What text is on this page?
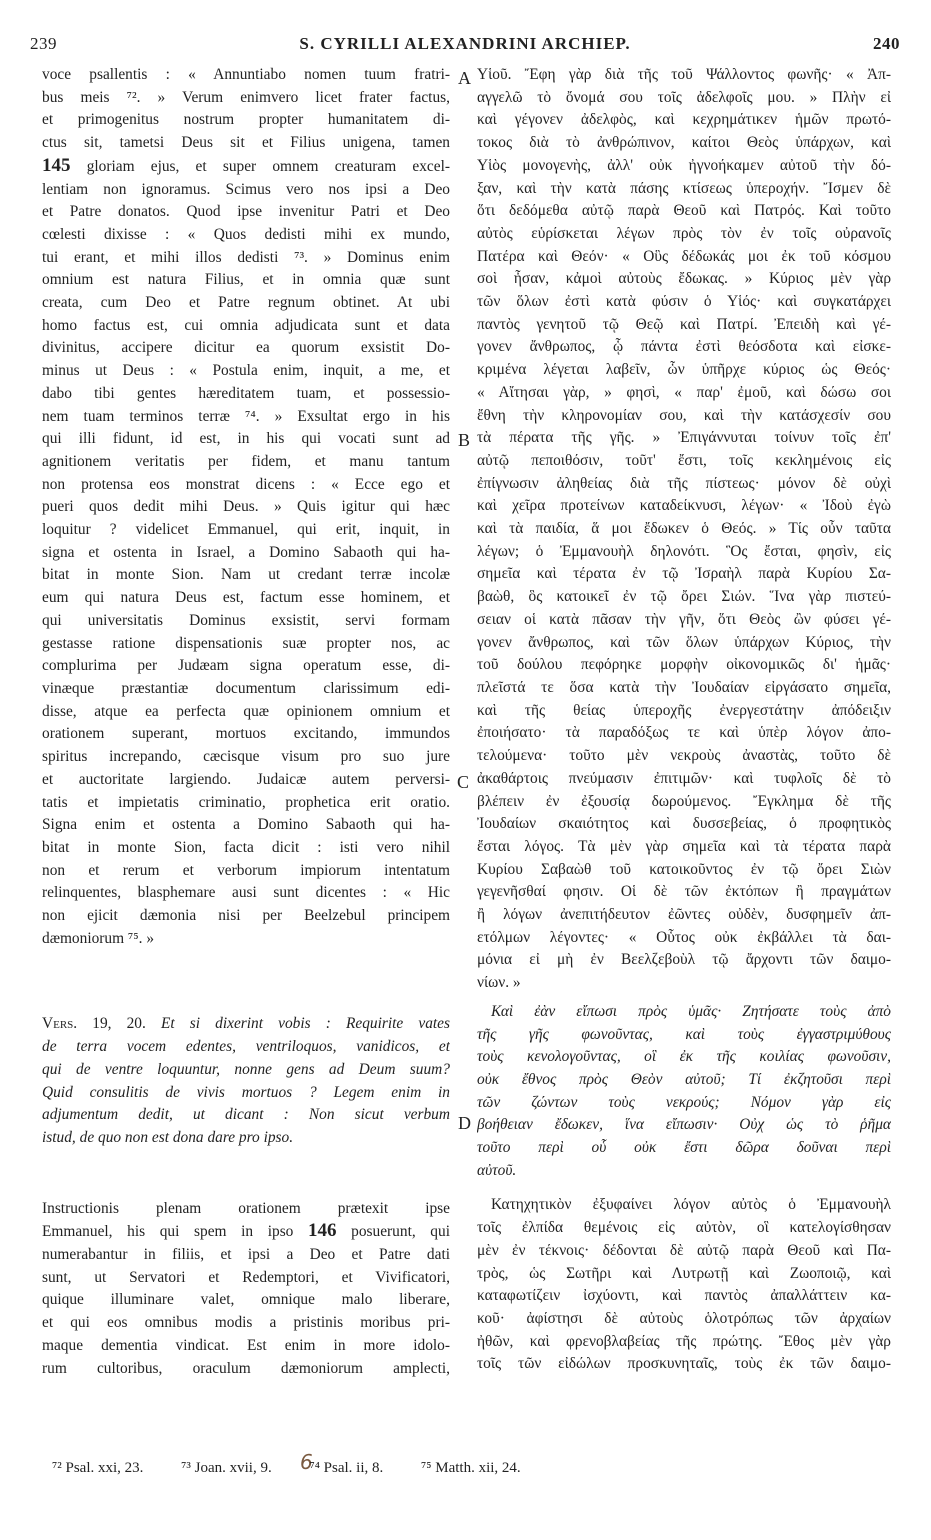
239	S. CYRILLI ALEXANDRINI ARCHIEP.	240
A
B
C
D
voce psallentis : « Annuntiabo nomen tuum fratri-
bus meis ⁷². » Verum enimvero licet frater factus,
et primogenitus nostrum propter humanitatem di-
ctus sit, tametsi Deus sit et Filius unigena, tamen
145 gloriam ejus, et super omnem creaturam excel-
lentiam non ignoramus. Scimus vero nos ipsi a Deo
et Patre donatos. Quod ipse invenitur Patri et Deo
cœlesti dixisse : « Quos dedisti mihi ex mundo,
tui erant, et mihi illos dedisti ⁷³. » Dominus enim
omnium est natura Filius, et in omnia quæ sunt
creata, cum Deo et Patre regnum obtinet. At ubi
homo factus est, cui omnia adjudicata sunt et data
divinitus, accipere dicitur ea quorum exsistit Do-
minus ut Deus : « Postula enim, inquit, a me, et
dabo tibi gentes hæreditatem tuam, et possessio-
nem tuam terminos terræ ⁷⁴. » Exsultat ergo in his
qui illi fidunt, id est, in his qui vocati sunt ad
agnitionem veritatis per fidem, et manu tantum
non protensa eos monstrat dicens : « Ecce ego et
pueri quos dedit mihi Deus. » Quis igitur qui hæc
loquitur ? videlicet Emmanuel, qui erit, inquit, in
signa et ostenta in Israel, a Domino Sabaoth qui ha-
bitat in monte Sion. Nam ut credant terræ incolæ
eum qui natura Deus est, factum esse hominem, et
qui universitatis Dominus exsistit, servi formam
gestasse ratione dispensationis suæ propter nos, ac
complurima per Judæam signa operatum esse, di-
vinæque præstantiæ documentum clarissimum edi-
disse, atque ea perfecta quæ opinionem omnium et
orationem superant, mortuos excitando, immundos
spiritus increpando, cæcisque visum pro suo jure
et auctoritate largiendo. Judaicæ autem perversi-
tatis et impietatis criminatio, prophetica erit oratio.
Signa enim et ostenta a Domino Sabaoth qui ha-
bitat in monte Sion, facta dicit : isti vero nihil
non et rerum et verborum impiorum intentatum
relinquentes, blasphemare ausi sunt dicentes : « Hic
non ejicit dæmonia nisi per Beelzebul principem
dæmoniorum ⁷⁵. »
Vers. 19, 20. Et si dixerint vobis : Requirite vates
de terra vocem edentes, ventriloquos, vanidicos, et
qui de ventre loquuntur, nonne gens ad Deum suum?
Quid consulitis de vivis mortuos ? Legem enim in
adjumentum dedit, ut dicant : Non sicut verbum
istud, de quo non est dona dare pro ipso.
Instructionis plenam orationem prætexit ipse
Emmanuel, his qui spem in ipso 146 posuerunt, qui
numerabantur in filiis, et ipsi a Deo et Patre dati
sunt, ut Servatori et Redemptori, et Vivificatori,
quique illuminare valet, omnique malo liberare,
et qui eos omnibus modis a pristinis moribus pri-
maque dementia vindicat. Est enim in more idolo-
rum cultoribus, oraculum dæmoniorum amplecti,
Υἱοῦ. Ἔφη γὰρ διὰ τῆς τοῦ Ψάλλοντος φωνῆς· « Ἀπ-
αγγελῶ τὸ ὄνομά σου τοῖς ἀδελφοῖς μου. » Πλὴν εἰ
καὶ γέγονεν ἀδελφὸς, καὶ κεχρημάτικεν ἡμῶν πρωτό-
τοκος διὰ τὸ ἀνθρώπινον, καίτοι Θεὸς ὑπάρχων, καὶ
Υἱὸς μονογενὴς, ἀλλ' οὐκ ἠγνοήκαμεν αὐτοῦ τὴν δό-
ξαν, καὶ τὴν κατὰ πάσης κτίσεως ὑπεροχήν. Ἴσμεν δὲ
ὅτι δεδόμεθα αὐτῷ παρὰ Θεοῦ καὶ Πατρός. Καὶ τοῦτο
αὐτὸς εὑρίσκεται λέγων πρὸς τὸν ἐν τοῖς οὐρανοῖς
Πατέρα καὶ Θεόν· « Οὓς δέδωκάς μοι ἐκ τοῦ κόσμου
σοὶ ἦσαν, κἀμοὶ αὐτοὺς ἔδωκας. » Κύριος μὲν γὰρ
τῶν ὅλων ἐστὶ κατὰ φύσιν ὁ Υἱός· καὶ συγκατάρχει
παντὸς γενητοῦ τῷ Θεῷ καὶ Πατρί. Ἐπειδὴ καὶ γέ-
γονεν ἄνθρωπος, ᾧ πάντα ἐστὶ θεόσδοτα καὶ εἰσκε-
κριμένα λέγεται λαβεῖν, ὧν ὑπῆρχε κύριος ὡς Θεός·
« Αἴτησαι γὰρ, » φησὶ, « παρ' ἐμοῦ, καὶ δώσω σοι
ἔθνη τὴν κληρονομίαν σου, καὶ τὴν κατάσχεσίν σου
τὰ πέρατα τῆς γῆς. » Ἐπιγάννυται τοίνυν τοῖς ἐπ'
αὐτῷ πεποιθόσιν, τοῦτ' ἔστι, τοῖς κεκλημένοις εἰς
ἐπίγνωσιν ἀληθείας διὰ τῆς πίστεως· μόνον δὲ οὐχὶ
καὶ χεῖρα προτείνων καταδείκνυσι, λέγων· « Ἰδοὺ ἐγὼ
καὶ τὰ παιδία, ἅ μοι ἔδωκεν ὁ Θεός. » Τίς οὖν ταῦτα
λέγων; ὁ Ἐμμανουὴλ δηλονότι. Ὃς ἔσται, φησὶν, εἰς
σημεῖα καὶ τέρατα ἐν τῷ Ἰσραὴλ παρὰ Κυρίου Σα-
βαὼθ, ὃς κατοικεῖ ἐν τῷ ὄρει Σιών. Ἵνα γὰρ πιστεύ-
σειαν οἱ κατὰ πᾶσαν τὴν γῆν, ὅτι Θεὸς ὢν φύσει γέ-
γονεν ἄνθρωπος, καὶ τῶν ὅλων ὑπάρχων Κύριος, τὴν
τοῦ δούλου πεφόρηκε μορφὴν οἰκονομικῶς δι' ἡμᾶς·
πλεῖστά τε ὅσα κατὰ τὴν Ἰουδαίαν εἰργάσατο σημεῖα,
καὶ τῆς θείας ὑπεροχῆς ἐνεργεστάτην ἀπόδειξιν
ἐποιήσατο· τὰ παραδόξως τε καὶ ὑπὲρ λόγον ἀπο-
τελούμενα· τοῦτο μὲν νεκροὺς ἀναστὰς, τοῦτο δὲ
ἀκαθάρτοις πνεύμασιν ἐπιτιμῶν· καὶ τυφλοῖς δὲ τὸ
βλέπειν ἐν ἐξουσίᾳ δωρούμενος. Ἔγκλημα δὲ τῆς
Ἰουδαίων σκαιότητος καὶ δυσσεβείας, ὁ προφητικὸς
ἔσται λόγος. Τὰ μὲν γὰρ σημεῖα καὶ τὰ τέρατα παρὰ
Κυρίου Σαβαὼθ τοῦ κατοικοῦντος ἐν τῷ ὄρει Σιὼν
γεγενῆσθαί φησιν. Οἱ δὲ τῶν ἐκτόπων ἢ πραγμάτων
ἢ λόγων ἀνεπιτήδευτον ἐῶντες οὐδὲν, δυσφημεῖν ἀπ-
ετόλμων λέγοντες· « Οὗτος οὐκ ἐκβάλλει τὰ δαι-
μόνια εἰ μὴ ἐν Βεελζεβοὺλ τῷ ἄρχοντι τῶν δαιμο-
νίων. »
Καὶ ἐὰν εἴπωσι πρὸς ὑμᾶς· Ζητήσατε τοὺς ἀπὸ
τῆς γῆς φωνοῦντας, καὶ τοὺς ἐγγαστριμύθους
τοὺς κενολογοῦντας, οἳ ἐκ τῆς κοιλίας φωνοῦσιν,
οὐκ ἔθνος πρὸς Θεὸν αὐτοῦ; Τί ἐκζητοῦσι περὶ
τῶν ζώντων τοὺς νεκρούς; Νόμον γὰρ εἰς
βοήθειαν ἔδωκεν, ἵνα εἴπωσιν· Οὐχ ὡς τὸ ῥῆμα
τοῦτο περὶ οὗ οὐκ ἔστι δῶρα δοῦναι περὶ
αὐτοῦ.
Κατηχητικὸν ἐξυφαίνει λόγον αὐτὸς ὁ Ἐμμανουὴλ
τοῖς ἐλπίδα θεμένοις εἰς αὐτὸν, οἳ κατελογίσθησαν
μὲν ἐν τέκνοις· δέδονται δὲ αὐτῷ παρὰ Θεοῦ καὶ Πα-
τρὸς, ὡς Σωτῆρι καὶ Λυτρωτῇ καὶ Ζωοποιῷ, καὶ
καταφωτίζειν ἰσχύοντι, καὶ παντὸς ἀπαλλάττειν κα-
κοῦ· ἀφίστησι δὲ αὐτοὺς ὁλοτρόπως τῶν ἀρχαίων
ἠθῶν, καὶ φρενοβλαβείας τῆς πρώτης. Ἔθος μὲν γὰρ
τοῖς τῶν εἰδώλων προσκυνηταῖς, τοὺς ἐκ τῶν δαιμο-
6
⁷² Psal. xxi, 23.	⁷³ Joan. xvii, 9.	⁷⁴ Psal. ii, 8.	⁷⁵ Matth. xii, 24.
